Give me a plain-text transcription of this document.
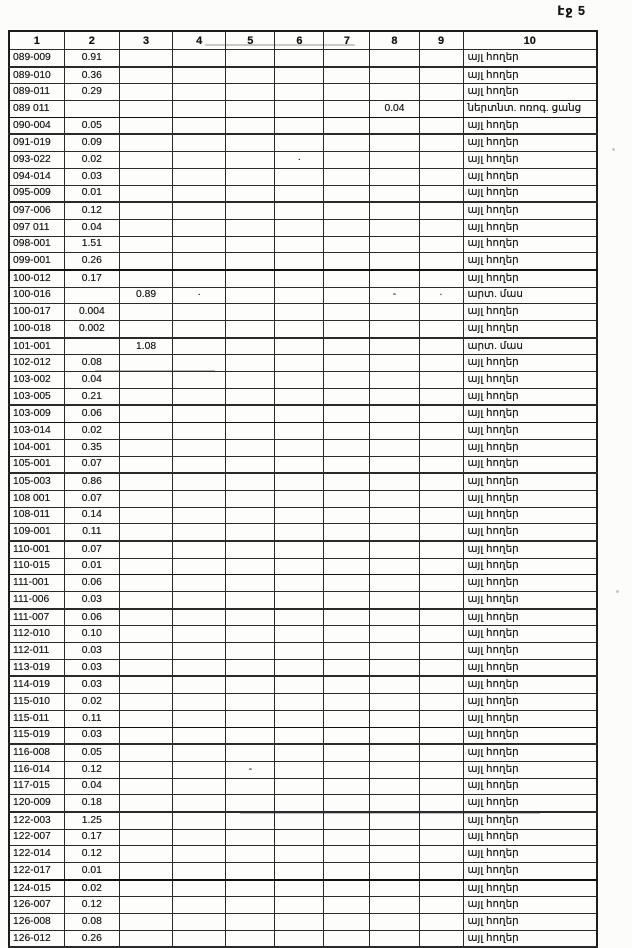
էջ 5
1	2	3	4	5	6	7	8	9	10
089-009	0.91								այլ հողեր
089-010	0.36								այլ հողեր
089-011	0.29								այլ հողեր
089 011							0.04		ներտնտ. ոռոգ. ցանց
090-004	0.05								այլ հողեր
091-019	0.09								այլ հողեր
093-022	0.02				·				այլ հողեր
094-014	0.03								այլ հողեր
095-009	0.01								այլ հողեր
097-006	0.12								այլ հողեր
097 011	0.04								այլ հողեր
098-001	1.51								այլ հողեր
099-001	0.26								այլ հողեր
100-012	0.17								այլ հողեր
100-016		0.89	·				-	·	արտ. մաս
100-017	0.004								այլ հողեր
100-018	0.002								այլ հողեր
101-001		1.08							արտ. մաս
102-012	0.08								այլ հողեր
103-002	0.04								այլ հողեր
103-005	0.21								այլ հողեր
103-009	0.06								այլ հողեր
103-014	0.02								այլ հողեր
104-001	0.35								այլ հողեր
105-001	0.07								այլ հողեր
105-003	0.86								այլ հողեր
108 001	0.07								այլ հողեր
108-011	0.14								այլ հողեր
109-001	0.11								այլ հողեր
110-001	0.07								այլ հողեր
110-015	0.01								այլ հողեր
111-001	0.06								այլ հողեր
111-006	0.03								այլ հողեր
111-007	0.06								այլ հողեր
112-010	0.10								այլ հողեր
112-011	0.03								այլ հողեր
113-019	0.03								այլ հողեր
114-019	0.03								այլ հողեր
115-010	0.02								այլ հողեր
115-011	0.11								այլ հողեր
115-019	0.03								այլ հողեր
116-008	0.05								այլ հողեր
116-014	0.12			-					այլ հողեր
117-015	0.04								այլ հողեր
120-009	0.18								այլ հողեր
122-003	1.25								այլ հողեր
122-007	0.17								այլ հողեր
122-014	0.12								այլ հողեր
122-017	0.01								այլ հողեր
124-015	0.02								այլ հողեր
126-007	0.12								այլ հողեր
126-008	0.08								այլ հողեր
126-012	0.26								այլ հողեր
